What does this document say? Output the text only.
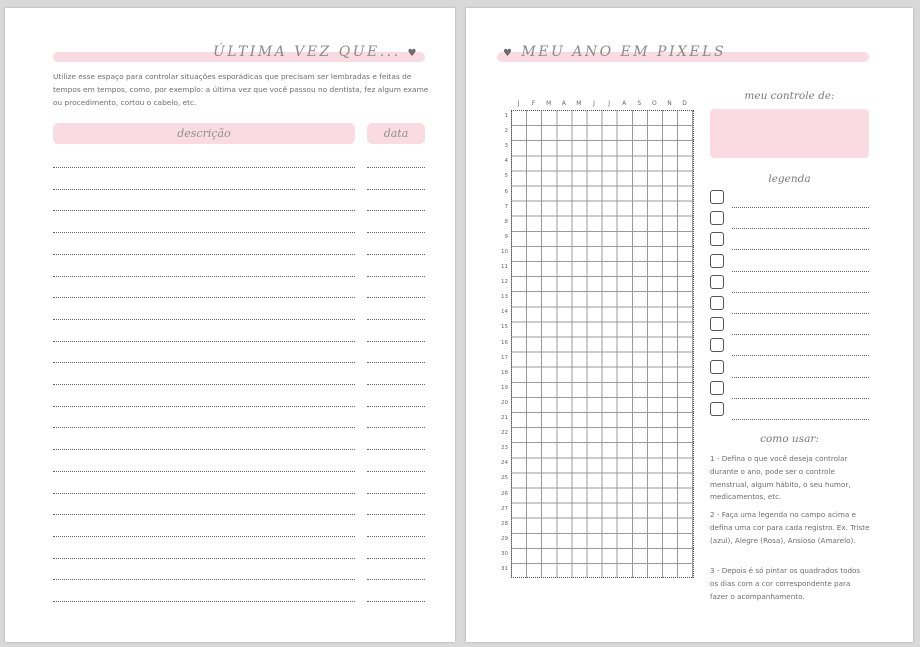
ÚLTIMA VEZ QUE... ♥
Utilize esse espaço para controlar situações esporádicas que precisam ser lembradas e feitas de tempos em tempos, como, por exemplo: a última vez que você passou no dentista, fez algum exame ou procedimento, cortou o cabelo, etc.
descrição	data
♥ MEU ANO EM PIXELS
J	F	M	A	M	J	J	A	S	O	N	D
1
2
3
4
5
6
7
8
9
10
11
12
13
14
15
16
17
18
19
20
21
22
23
24
25
26
27
28
29
30
31
meu controle de:
legenda
como usar:
1 - Defina o que você deseja controlar durante o ano, pode ser o controle menstrual, algum hábito, o seu humor, medicamentos, etc.
2 - Faça uma legenda no campo acima e defina uma cor para cada registro. Ex. Triste (azul), Alegre (Rosa), Ansioso (Amarelo).
3 - Depois é só pintar os quadrados todos os dias com a cor correspondente para fazer o acompanhamento.
